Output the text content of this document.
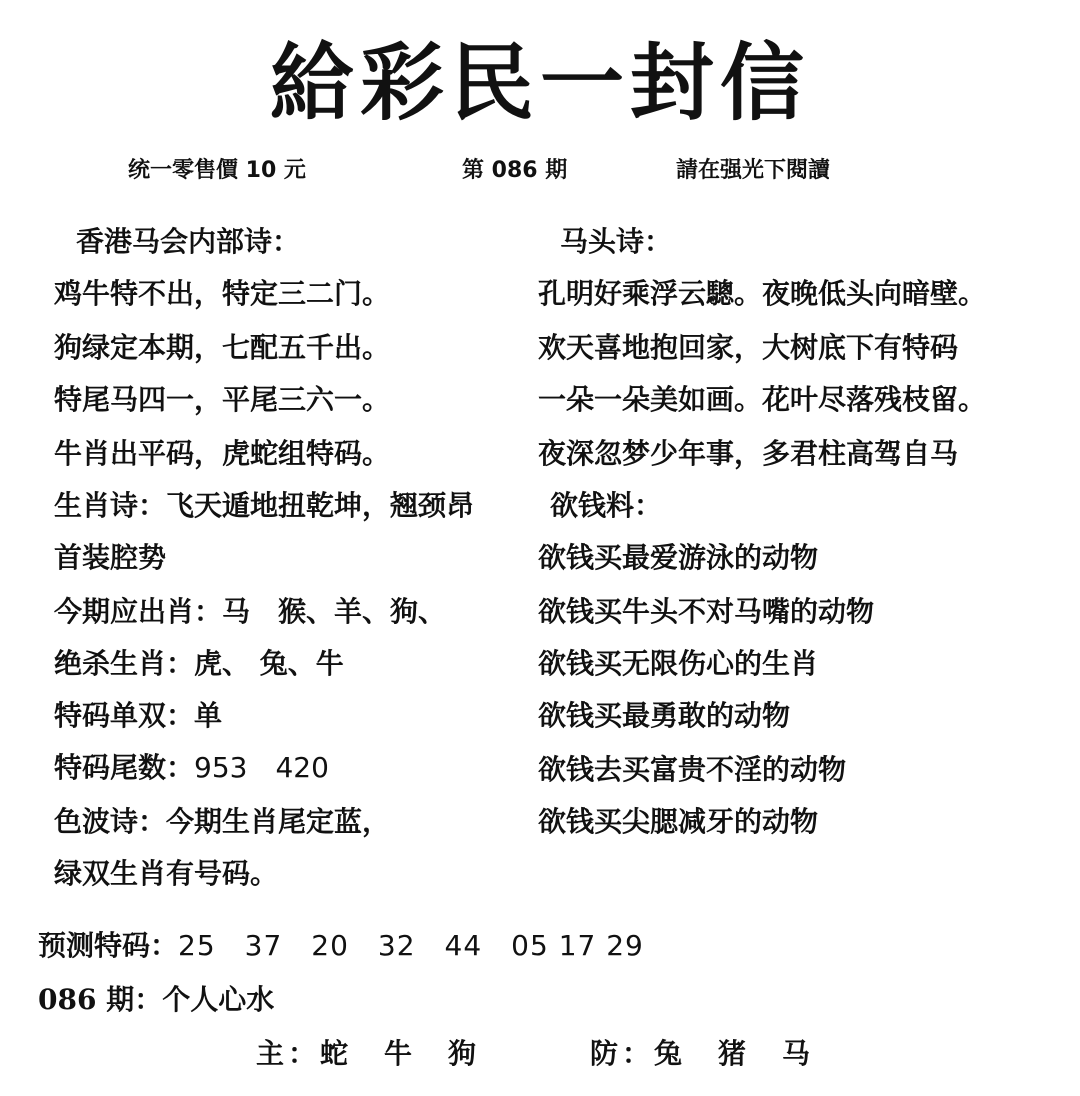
給彩民一封信
统一零售價 10 元	第 086 期	請在强光下閱讀
香港马会内部诗：
鸡牛特不出，特定三二门。
狗绿定本期，七配五千出。
特尾马四一，平尾三六一。
牛肖出平码，虎蛇组特码。
生肖诗：飞天遁地扭乾坤，翘颈昂
首装腔势
今期应出肖：马　猴、羊、狗、
绝杀生肖：虎、 兔、牛
特码单双：单
特码尾数：953　420
色波诗：今期生肖尾定蓝，
绿双生肖有号码。
马头诗：
孔明好乘浮云驄。夜晚低头向暗壁。
欢天喜地抱回家，大树底下有特码
一朵一朵美如画。花叶尽落残枝留。
夜深忽梦少年事，多君柱高驾自马
欲钱料：
欲钱买最爱游泳的动物
欲钱买牛头不对马嘴的动物
欲钱买无限伤心的生肖
欲钱买最勇敢的动物
欲钱去买富贵不淫的动物
欲钱买尖腮减牙的动物
预测特码：25　37　20　32　44　05 17 29
086 期：个人心水
主：蛇　牛　狗	防：兔　猪　马
